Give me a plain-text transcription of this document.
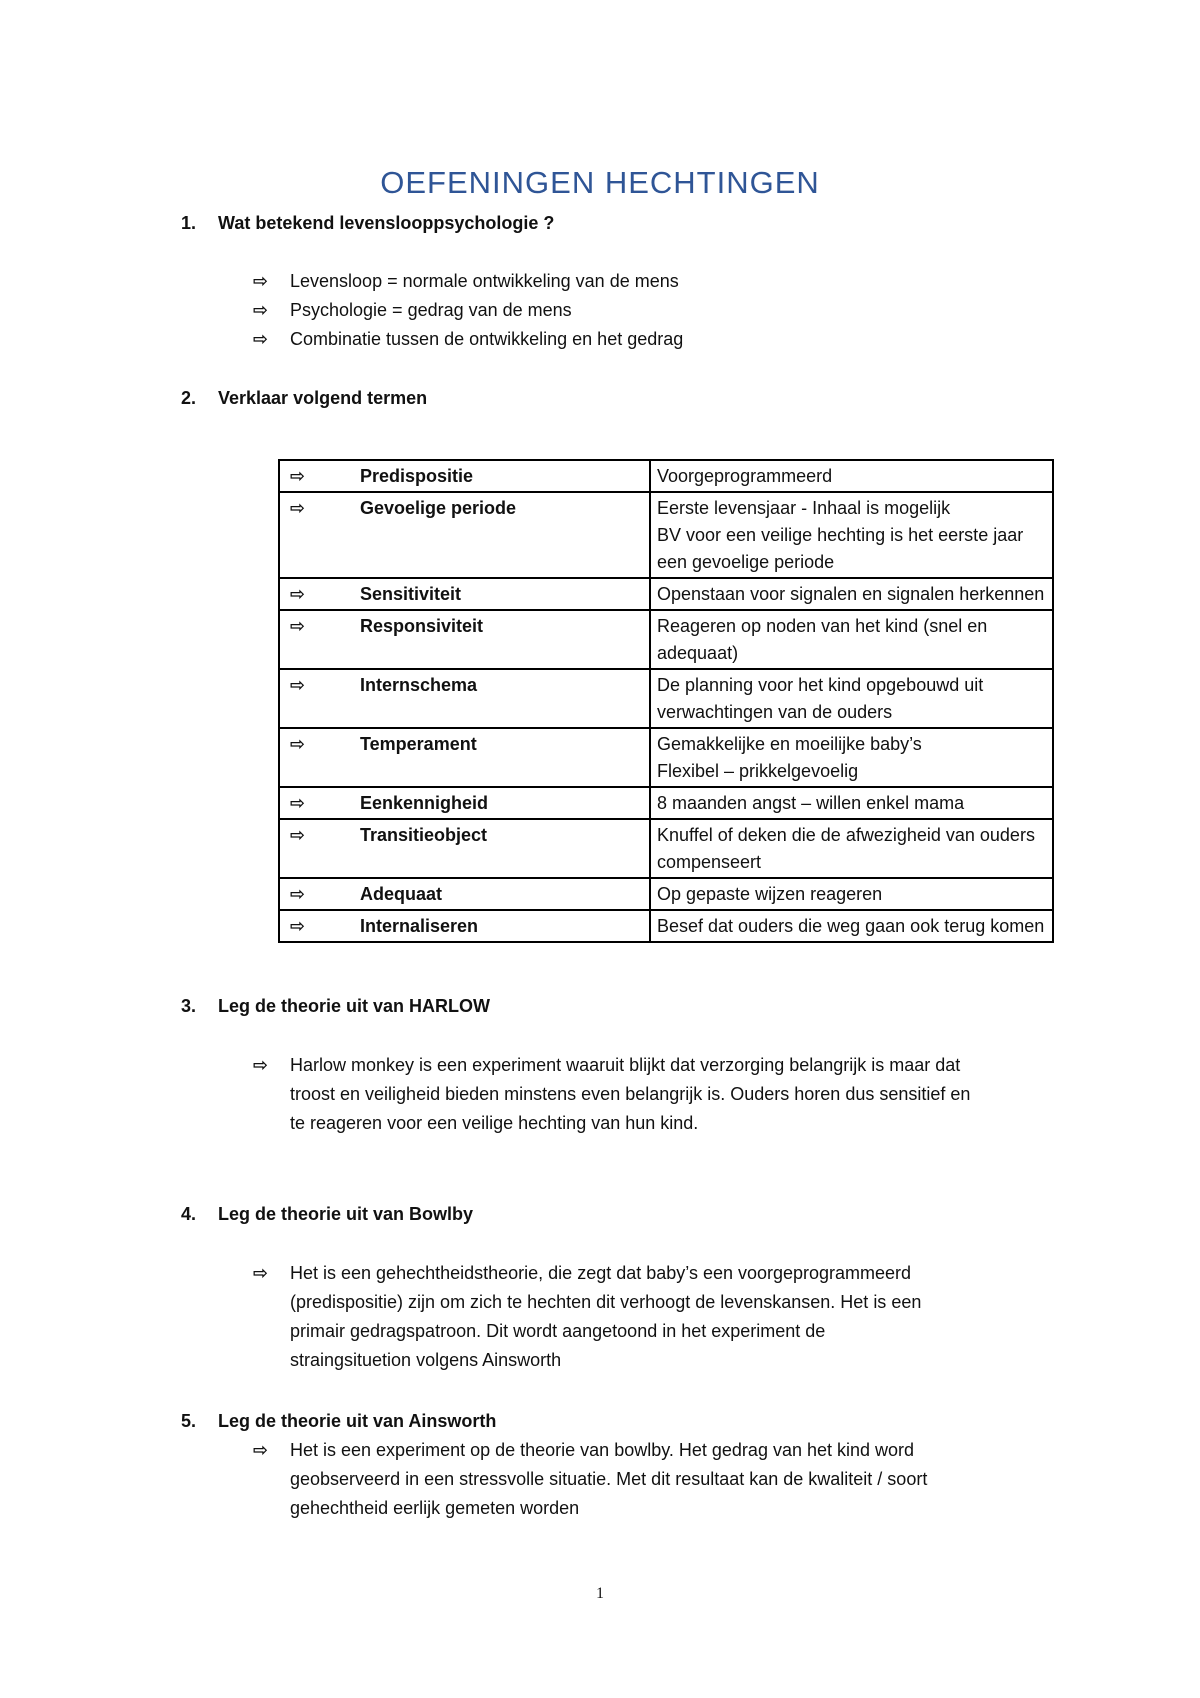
OEFENINGEN HECHTINGEN
1. Wat betekend levenslooppsychologie ?
⇨ Levensloop = normale ontwikkeling van de mens
⇨ Psychologie = gedrag van de mens
⇨ Combinatie tussen de ontwikkeling en het gedrag
2. Verklaar volgend termen
⇨	Predispositie	Voorgeprogrammeerd
⇨	Gevoelige periode	Eerste levensjaar - Inhaal is mogelijk
BV voor een veilige hechting is het eerste jaar een gevoelige periode

⇨	Sensitiviteit	Openstaan voor signalen en signalen herkennen
⇨	Responsiviteit	Reageren op noden van het kind (snel en adequaat)
⇨	Internschema	De planning voor het kind opgebouwd uit verwachtingen van de ouders
⇨	Temperament	Gemakkelijke en moeilijke baby’s
Flexibel – prikkelgevoelig

⇨	Eenkennigheid	8 maanden angst – willen enkel mama
⇨	Transitieobject	Knuffel of deken die de afwezigheid van ouders compenseert
⇨	Adequaat	Op gepaste wijzen reageren
⇨	Internaliseren	Besef dat ouders die weg gaan ook terug komen
3. Leg de theorie uit van HARLOW
⇨ Harlow monkey is een experiment waaruit blijkt dat verzorging belangrijk is maar dat
troost en veiligheid bieden minstens even belangrijk is. Ouders horen dus sensitief en
te reageren voor een veilige hechting van hun kind.
4. Leg de theorie uit van Bowlby
⇨ Het is een gehechtheidstheorie, die zegt dat baby’s een voorgeprogrammeerd
(predispositie) zijn om zich te hechten dit verhoogt de levenskansen. Het is een
primair gedragspatroon. Dit wordt aangetoond in het experiment de
straingsituetion volgens Ainsworth
5. Leg de theorie uit van Ainsworth
⇨ Het is een experiment op de theorie van bowlby. Het gedrag van het kind word
geobserveerd in een stressvolle situatie. Met dit resultaat kan de kwaliteit / soort
gehechtheid eerlijk gemeten worden
1
